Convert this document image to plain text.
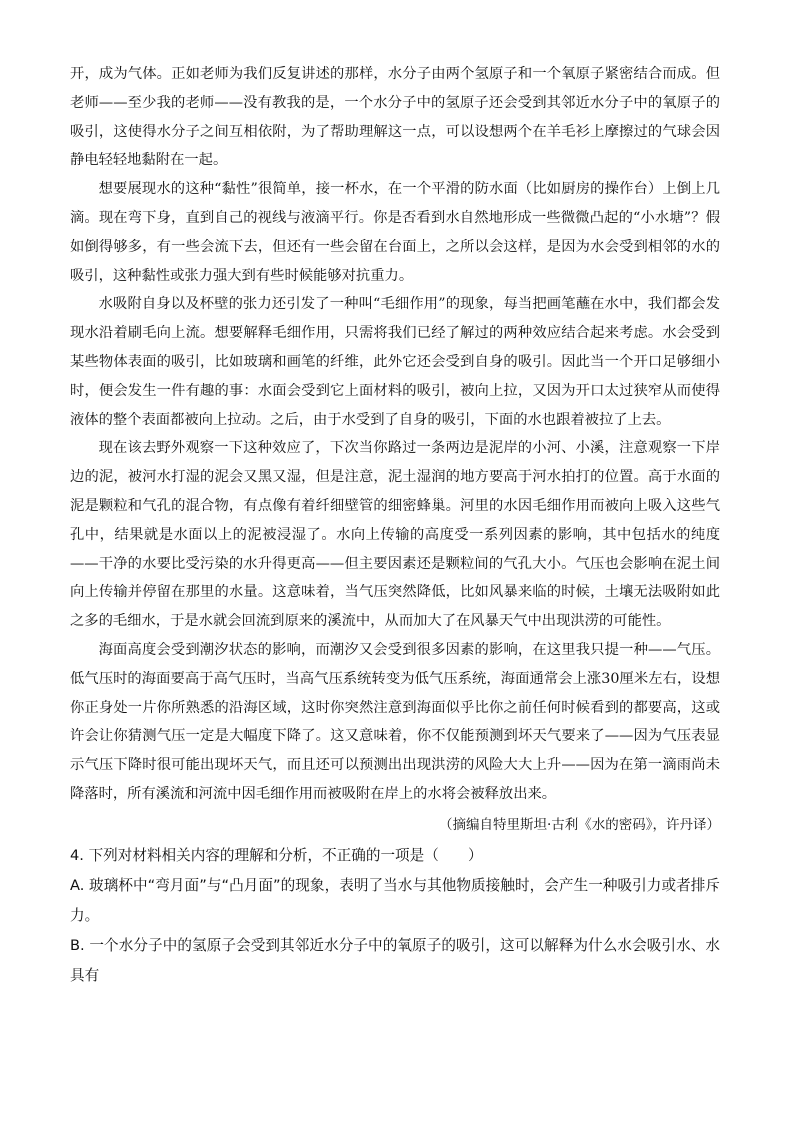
开，成为气体。正如老师为我们反复讲述的那样，水分子由两个氢原子和一个氧原子紧密结合而成。但老师——至少我的老师——没有教我的是，一个水分子中的氢原子还会受到其邻近水分子中的氧原子的吸引，这使得水分子之间互相依附，为了帮助理解这一点，可以设想两个在羊毛衫上摩擦过的气球会因静电轻轻地黏附在一起。

想要展现水的这种“黏性”很简单，接一杯水，在一个平滑的防水面（比如厨房的操作台）上倒上几滴。现在弯下身，直到自己的视线与液滴平行。你是否看到水自然地形成一些微微凸起的“小水塘”？假如倒得够多，有一些会流下去，但还有一些会留在台面上，之所以会这样，是因为水会受到相邻的水的吸引，这种黏性或张力强大到有些时候能够对抗重力。

水吸附自身以及杯壁的张力还引发了一种叫“毛细作用”的现象，每当把画笔蘸在水中，我们都会发现水沿着刷毛向上流。想要解释毛细作用，只需将我们已经了解过的两种效应结合起来考虑。水会受到某些物体表面的吸引，比如玻璃和画笔的纤维，此外它还会受到自身的吸引。因此当一个开口足够细小时，便会发生一件有趣的事：水面会受到它上面材料的吸引，被向上拉，又因为开口太过狭窄从而使得液体的整个表面都被向上拉动。之后，由于水受到了自身的吸引，下面的水也跟着被拉了上去。

现在该去野外观察一下这种效应了，下次当你路过一条两边是泥岸的小河、小溪，注意观察一下岸边的泥，被河水打湿的泥会又黑又湿，但是注意，泥土湿润的地方要高于河水拍打的位置。高于水面的泥是颗粒和气孔的混合物，有点像有着纤细壁管的细密蜂巢。河里的水因毛细作用而被向上吸入这些气孔中，结果就是水面以上的泥被浸湿了。水向上传输的高度受一系列因素的影响，其中包括水的纯度——干净的水要比受污染的水升得更高——但主要因素还是颗粒间的气孔大小。气压也会影响在泥土间向上传输并停留在那里的水量。这意味着，当气压突然降低，比如风暴来临的时候，土壤无法吸附如此之多的毛细水，于是水就会回流到原来的溪流中，从而加大了在风暴天气中出现洪涝的可能性。

海面高度会受到潮汐状态的影响，而潮汐又会受到很多因素的影响，在这里我只提一种——气压。低气压时的海面要高于高气压时，当高气压系统转变为低气压系统，海面通常会上涨30厘米左右，设想你正身处一片你所熟悉的沿海区域，这时你突然注意到海面似乎比你之前任何时候看到的都要高，这或许会让你猜测气压一定是大幅度下降了。这又意味着，你不仅能预测到坏天气要来了——因为气压表显示气压下降时很可能出现坏天气，而且还可以预测出出现洪涝的风险大大上升——因为在第一滴雨尚未降落时，所有溪流和河流中因毛细作用而被吸附在岸上的水将会被释放出来。

（摘编自特里斯坦·古利《水的密码》，许丹译）

4. 下列对材料相关内容的理解和分析，不正确的一项是（　　）

A. 玻璃杯中“弯月面”与“凸月面”的现象，表明了当水与其他物质接触时，会产生一种吸引力或者排斥力。

B. 一个水分子中的氢原子会受到其邻近水分子中的氧原子的吸引，这可以解释为什么水会吸引水、水具有
